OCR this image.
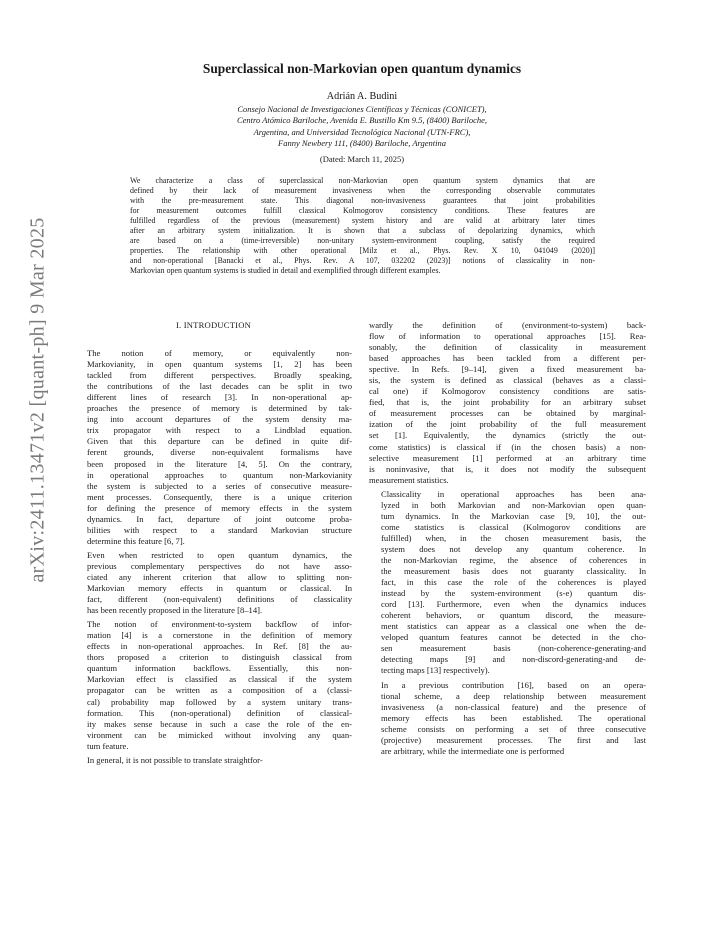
arXiv:2411.13471v2 [quant-ph] 9 Mar 2025
Superclassical non-Markovian open quantum dynamics
Adrián A. Budini
Consejo Nacional de Investigaciones Científicas y Técnicas (CONICET),
Centro Atómico Bariloche, Avenida E. Bustillo Km 9.5, (8400) Bariloche,
Argentina, and Universidad Tecnológica Nacional (UTN-FRC),
Fanny Newbery 111, (8400) Bariloche, Argentina
(Dated: March 11, 2025)
We characterize a class of superclassical non-Markovian open quantum system dynamics that are
defined by their lack of measurement invasiveness when the corresponding observable commutates
with the pre-measurement state. This diagonal non-invasiveness guarantees that joint probabilities
for measurement outcomes fulfill classical Kolmogorov consistency conditions. These features are
fulfilled regardless of the previous (measurement) system history and are valid at arbitrary later times
after an arbitrary system initialization. It is shown that a subclass of depolarizing dynamics, which
are based on a (time-irreversible) non-unitary system-environment coupling, satisfy the required
properties. The relationship with other operational [Milz et al., Phys. Rev. X 10, 041049 (2020)]
and non-operational [Banacki et al., Phys. Rev. A 107, 032202 (2023)] notions of classicality in non-
Markovian open quantum systems is studied in detail and exemplified through different examples.
I. INTRODUCTION

The notion of memory, or equivalently non-
Markovianity, in open quantum systems [1, 2] has been
tackled from different perspectives. Broadly speaking,
the contributions of the last decades can be split in two
different lines of research [3]. In non-operational ap-
proaches the presence of memory is determined by tak-
ing into account departures of the system density ma-
trix propagator with respect to a Lindblad equation.
Given that this departure can be defined in quite dif-
ferent grounds, diverse non-equivalent formalisms have
been proposed in the literature [4, 5]. On the contrary,
in operational approaches to quantum non-Markovianity
the system is subjected to a series of consecutive measure-
ment processes. Consequently, there is a unique criterion
for defining the presence of memory effects in the system
dynamics. In fact, departure of joint outcome proba-
bilities with respect to a standard Markovian structure
determine this feature [6, 7].

Even when restricted to open quantum dynamics, the
previous complementary perspectives do not have asso-
ciated any inherent criterion that allow to splitting non-
Markovian memory effects in quantum or classical. In
fact, different (non-equivalent) definitions of classicality
has been recently proposed in the literature [8–14].

The notion of environment-to-system backflow of infor-
mation [4] is a cornerstone in the definition of memory
effects in non-operational approaches. In Ref. [8] the au-
thors proposed a criterion to distinguish classical from
quantum information backflows. Essentially, this non-
Markovian effect is classified as classical if the system
propagator can be written as a composition of a (classi-
cal) probability map followed by a system unitary trans-
formation. This (non-operational) definition of classical-
ity makes sense because in such a case the role of the en-
vironment can be mimicked without involving any quan-
tum feature.

In general, it is not possible to translate straightfor-

wardly the definition of (environment-to-system) back-
flow of information to operational approaches [15]. Rea-
sonably, the definition of classicality in measurement
based approaches has been tackled from a different per-
spective. In Refs. [9–14], given a fixed measurement ba-
sis, the system is defined as classical (behaves as a classi-
cal one) if Kolmogorov consistency conditions are satis-
fied, that is, the joint probability for an arbitrary subset
of measurement processes can be obtained by marginal-
ization of the joint probability of the full measurement
set [1]. Equivalently, the dynamics (strictly the out-
come statistics) is classical if (in the chosen basis) a non-
selective measurement [1] performed at an arbitrary time
is noninvasive, that is, it does not modify the subsequent
measurement statistics.

Classicality in operational approaches has been ana-
lyzed in both Markovian and non-Markovian open quan-
tum dynamics. In the Markovian case [9, 10], the out-
come statistics is classical (Kolmogorov conditions are
fulfilled) when, in the chosen measurement basis, the
system does not develop any quantum coherence. In
the non-Markovian regime, the absence of coherences in
the measurement basis does not guaranty classicality. In
fact, in this case the role of the coherences is played
instead by the system-environment (s-e) quantum dis-
cord [13]. Furthermore, even when the dynamics induces
coherent behaviors, or quantum discord, the measure-
ment statistics can appear as a classical one when the de-
veloped quantum features cannot be detected in the cho-
sen measurement basis (non-coherence-generating-and
detecting maps [9] and non-discord-generating-and de-
tecting maps [13] respectively).

In a previous contribution [16], based on an opera-
tional scheme, a deep relationship between measurement
invasiveness (a non-classical feature) and the presence of
memory effects has been established. The operational
scheme consists on performing a set of three consecutive
(projective) measurement processes. The first and last
are arbitrary, while the intermediate one is performed
